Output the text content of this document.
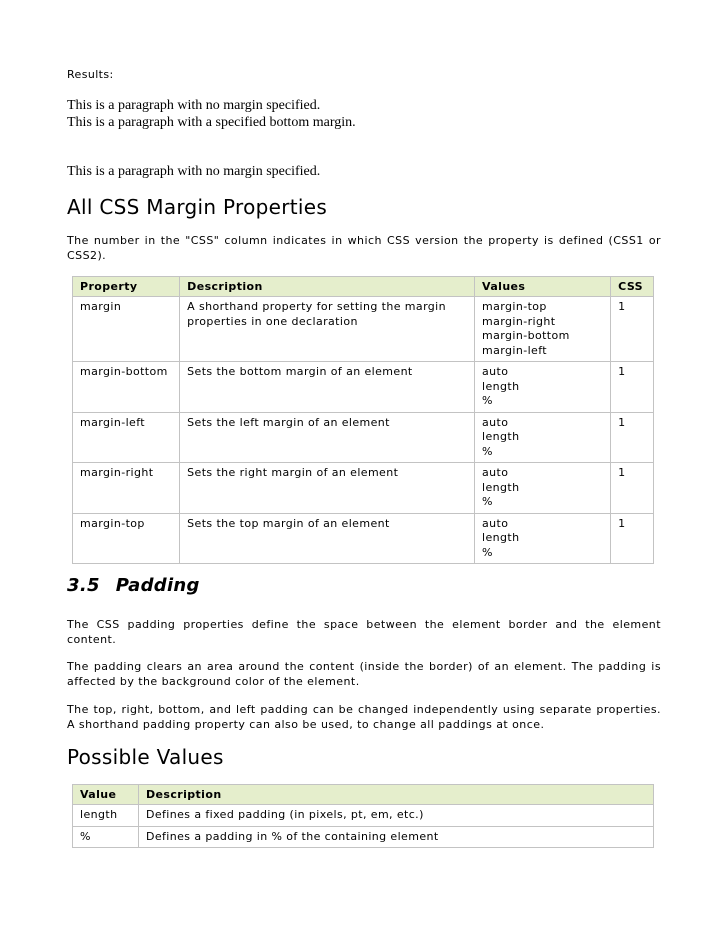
Results:
This is a paragraph with no margin specified.
This is a paragraph with a specified bottom margin.
This is a paragraph with no margin specified.
All CSS Margin Properties

The number in the "CSS" column indicates in which CSS version the property is defined (CSS1 or CSS2).

Property	Description	Values	CSS
margin	A shorthand property for setting the margin properties in one declaration	margin-top
margin-right
margin-bottom
margin-left	1
margin-bottom	Sets the bottom margin of an element	auto
length
%	1
margin-left	Sets the left margin of an element	auto
length
%	1
margin-right	Sets the right margin of an element	auto
length
%	1
margin-top	Sets the top margin of an element	auto
length
%	1
3.5 Padding

The CSS padding properties define the space between the element border and the element content.

The padding clears an area around the content (inside the border) of an element. The padding is affected by the background color of the element.

The top, right, bottom, and left padding can be changed independently using separate properties. A shorthand padding property can also be used, to change all paddings at once.

Possible Values
Value	Description
length	Defines a fixed padding (in pixels, pt, em, etc.)
%	Defines a padding in % of the containing element
